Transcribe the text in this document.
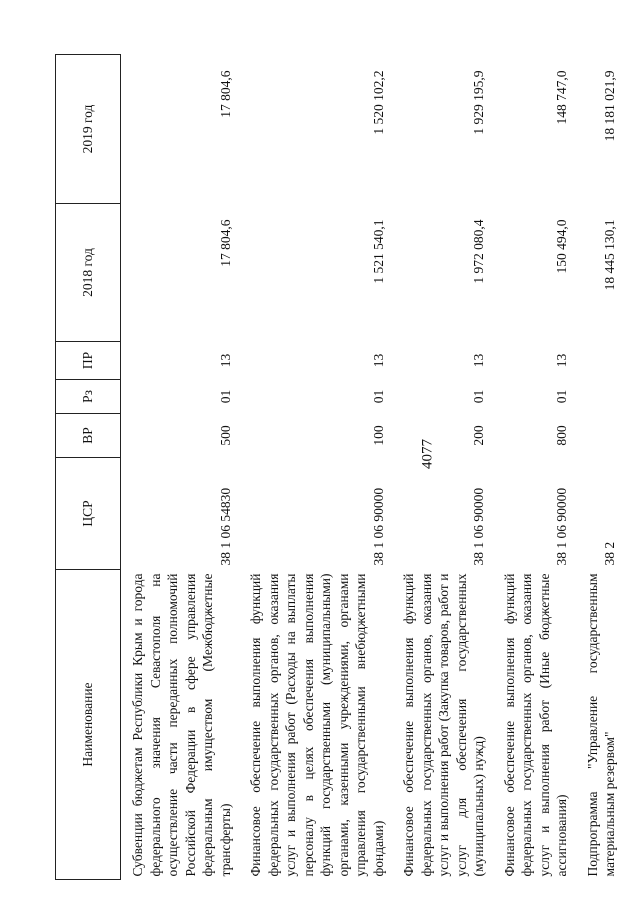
4077
Наименование	ЦСР	ВР	Рз	ПР	2018 год	2019 год
Субвенции бюджетам Республики Крым и города федерального значения Севастополя на осуществление части переданных полномочий Российской Федерации в сфере управления федеральным имуществом (Межбюджетные трансферты)	38 1 06 54830	500	01	13	17 804,6	17 804,6
Финансовое обеспечение выполнения функций федеральных государственных органов, оказания услуг и выполнения работ (Расходы на выплаты персоналу в целях обеспечения выполнения функций государственными (муниципальными) органами, казенными учреждениями, органами управления государственными внебюджетными фондами)	38 1 06 90000	100	01	13	1 521 540,1	1 520 102,2
Финансовое обеспечение выполнения функций федеральных государственных органов, оказания услуг и выполнения работ (Закупка товаров, работ и услуг для обеспечения государственных (муниципальных) нужд)	38 1 06 90000	200	01	13	1 972 080,4	1 929 195,9
Финансовое обеспечение выполнения функций федеральных государственных органов, оказания услуг и выполнения работ (Иные бюджетные ассигнования)	38 1 06 90000	800	01	13	150 494,0	148 747,0
Подпрограмма "Управление государственным материальным резервом"	38 2				18 445 130,1	18 181 021,9
